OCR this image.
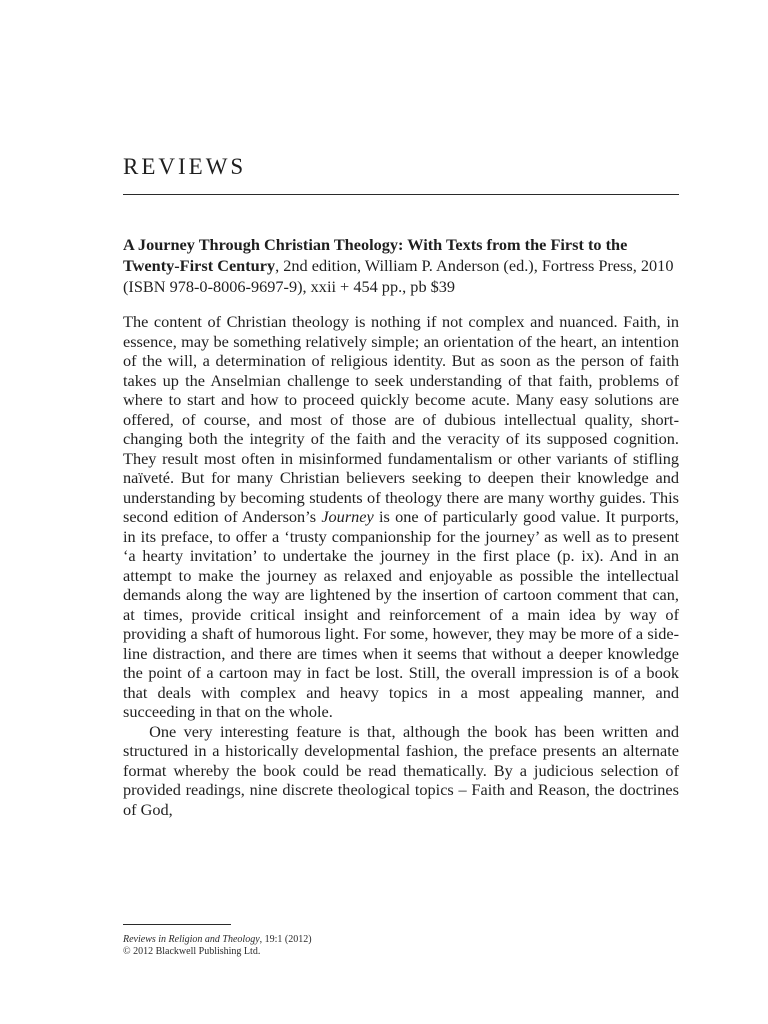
REVIEWS

A Journey Through Christian Theology: With Texts from the First to the Twenty-First Century, 2nd edition, William P. Anderson (ed.), Fortress Press, 2010 (ISBN 978-0-8006-9697-9), xxii + 454 pp., pb $39

The content of Christian theology is nothing if not complex and nuanced. Faith, in essence, may be something relatively simple; an orientation of the heart, an intention of the will, a determination of religious identity. But as soon as the person of faith takes up the Anselmian challenge to seek understanding of that faith, problems of where to start and how to proceed quickly become acute. Many easy solutions are offered, of course, and most of those are of dubious intellectual quality, short-changing both the integrity of the faith and the veracity of its supposed cognition. They result most often in misinformed fundamentalism or other variants of stifling naïveté. But for many Christian believers seeking to deepen their knowledge and understanding by becoming students of theology there are many worthy guides. This second edition of Anderson’s Journey is one of particularly good value. It purports, in its preface, to offer a ‘trusty companionship for the journey’ as well as to present ‘a hearty invitation’ to undertake the journey in the first place (p. ix). And in an attempt to make the journey as relaxed and enjoyable as possible the intellectual demands along the way are lightened by the insertion of cartoon comment that can, at times, provide critical insight and reinforcement of a main idea by way of providing a shaft of humorous light. For some, however, they may be more of a side-line distraction, and there are times when it seems that without a deeper knowledge the point of a cartoon may in fact be lost. Still, the overall impression is of a book that deals with complex and heavy topics in a most appealing manner, and succeeding in that on the whole.

One very interesting feature is that, although the book has been written and structured in a historically developmental fashion, the preface presents an alternate format whereby the book could be read thematically. By a judicious selection of provided readings, nine discrete theological topics – Faith and Reason, the doctrines of God,

Reviews in Religion and Theology, 19:1 (2012)
© 2012 Blackwell Publishing Ltd.
